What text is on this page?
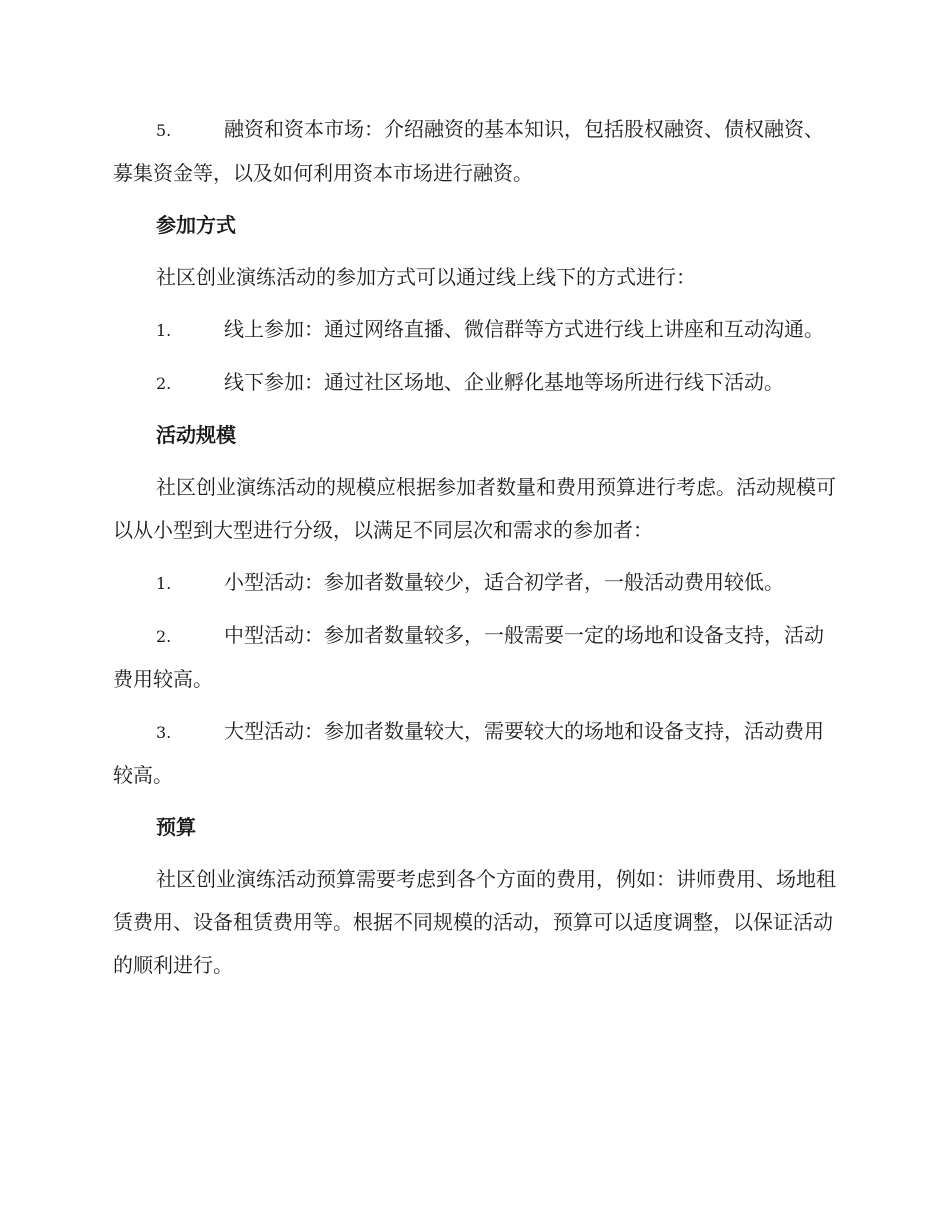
5.	融资和资本市场：介绍融资的基本知识，包括股权融资、债权融资、募集资金等，以及如何利用资本市场进行融资。

参加方式

社区创业演练活动的参加方式可以通过线上线下的方式进行：

1.	线上参加：通过网络直播、微信群等方式进行线上讲座和互动沟通。

2.	线下参加：通过社区场地、企业孵化基地等场所进行线下活动。

活动规模

社区创业演练活动的规模应根据参加者数量和费用预算进行考虑。活动规模可以从小型到大型进行分级，以满足不同层次和需求的参加者：

1.	小型活动：参加者数量较少，适合初学者，一般活动费用较低。

2.	中型活动：参加者数量较多，一般需要一定的场地和设备支持，活动费用较高。

3.	大型活动：参加者数量较大，需要较大的场地和设备支持，活动费用较高。

预算

社区创业演练活动预算需要考虑到各个方面的费用，例如：讲师费用、场地租赁费用、设备租赁费用等。根据不同规模的活动，预算可以适度调整，以保证活动的顺利进行。
